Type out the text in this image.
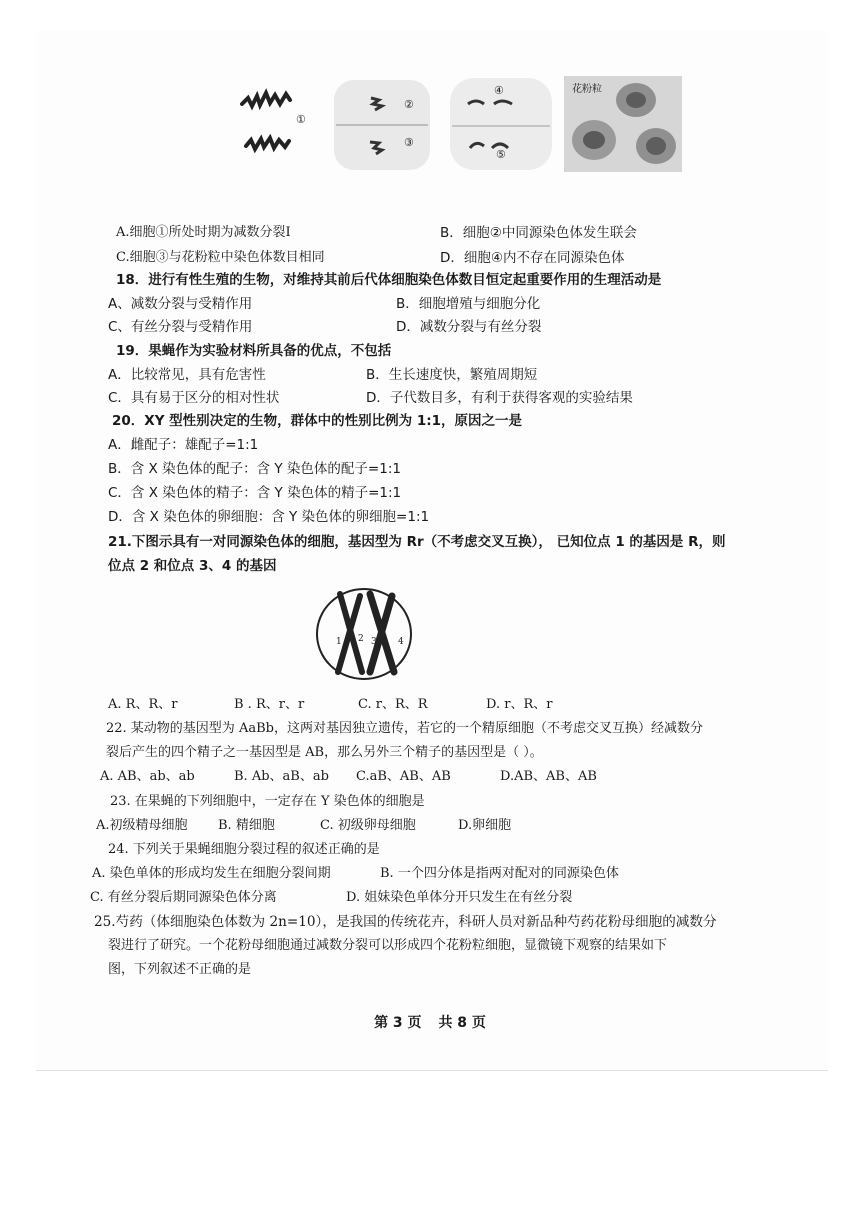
①
②
③
④
⑤
花粉粒
A.细胞①所处时期为减数分裂Ⅰ	B．细胞②中同源染色体发生联会
C.细胞③与花粉粒中染色体数目相同	D．细胞④内不存在同源染色体
18．进行有性生殖的生物，对维持其前后代体细胞染色体数目恒定起重要作用的生理活动是
A、减数分裂与受精作用	B．细胞增殖与细胞分化
C、有丝分裂与受精作用	D．减数分裂与有丝分裂
19．果蝇作为实验材料所具备的优点，不包括
A．比较常见，具有危害性	B．生长速度快，繁殖周期短
C．具有易于区分的相对性状	D．子代数目多，有利于获得客观的实验结果
20．XY 型性别决定的生物，群体中的性别比例为 1:1，原因之一是
A．雌配子：雄配子=1:1
B．含 X 染色体的配子：含 Y 染色体的配子=1:1
C．含 X 染色体的精子：含 Y 染色体的精子=1:1
D．含 X 染色体的卵细胞：含 Y 染色体的卵细胞=1:1
21.下图示具有一对同源染色体的细胞，基因型为 Rr（不考虑交叉互换）， 已知位点 1 的基因是 R，则
位点 2 和位点 3、4 的基因
1 2 3 4
A. R、R、r	B . R、r、r	C. r、R、R	D. r、R、r
22. 某动物的基因型为 AaBb，这两对基因独立遗传，若它的一个精原细胞（不考虑交叉互换）经减数分
裂后产生的四个精子之一基因型是 AB，那么另外三个精子的基因型是（ ）。
A. AB、ab、ab	B. Ab、aB、ab C.aB、AB、AB	D.AB、AB、AB
23. 在果蝇的下列细胞中，一定存在 Y 染色体的细胞是
A.初级精母细胞 B. 精细胞	C. 初级卵母细胞	D.卵细胞
24. 下列关于果蝇细胞分裂过程的叙述正确的是
A. 染色单体的形成均发生在细胞分裂间期	B. 一个四分体是指两对配对的同源染色体
C. 有丝分裂后期同源染色体分离	D. 姐妹染色单体分开只发生在有丝分裂
25.芍药（体细胞染色体数为 2n=10），是我国的传统花卉，科研人员对新品种芍药花粉母细胞的减数分
裂进行了研究。一个花粉母细胞通过减数分裂可以形成四个花粉粒细胞，显微镜下观察的结果如下
图，下列叙述不正确的是
第 3 页 共 8 页
